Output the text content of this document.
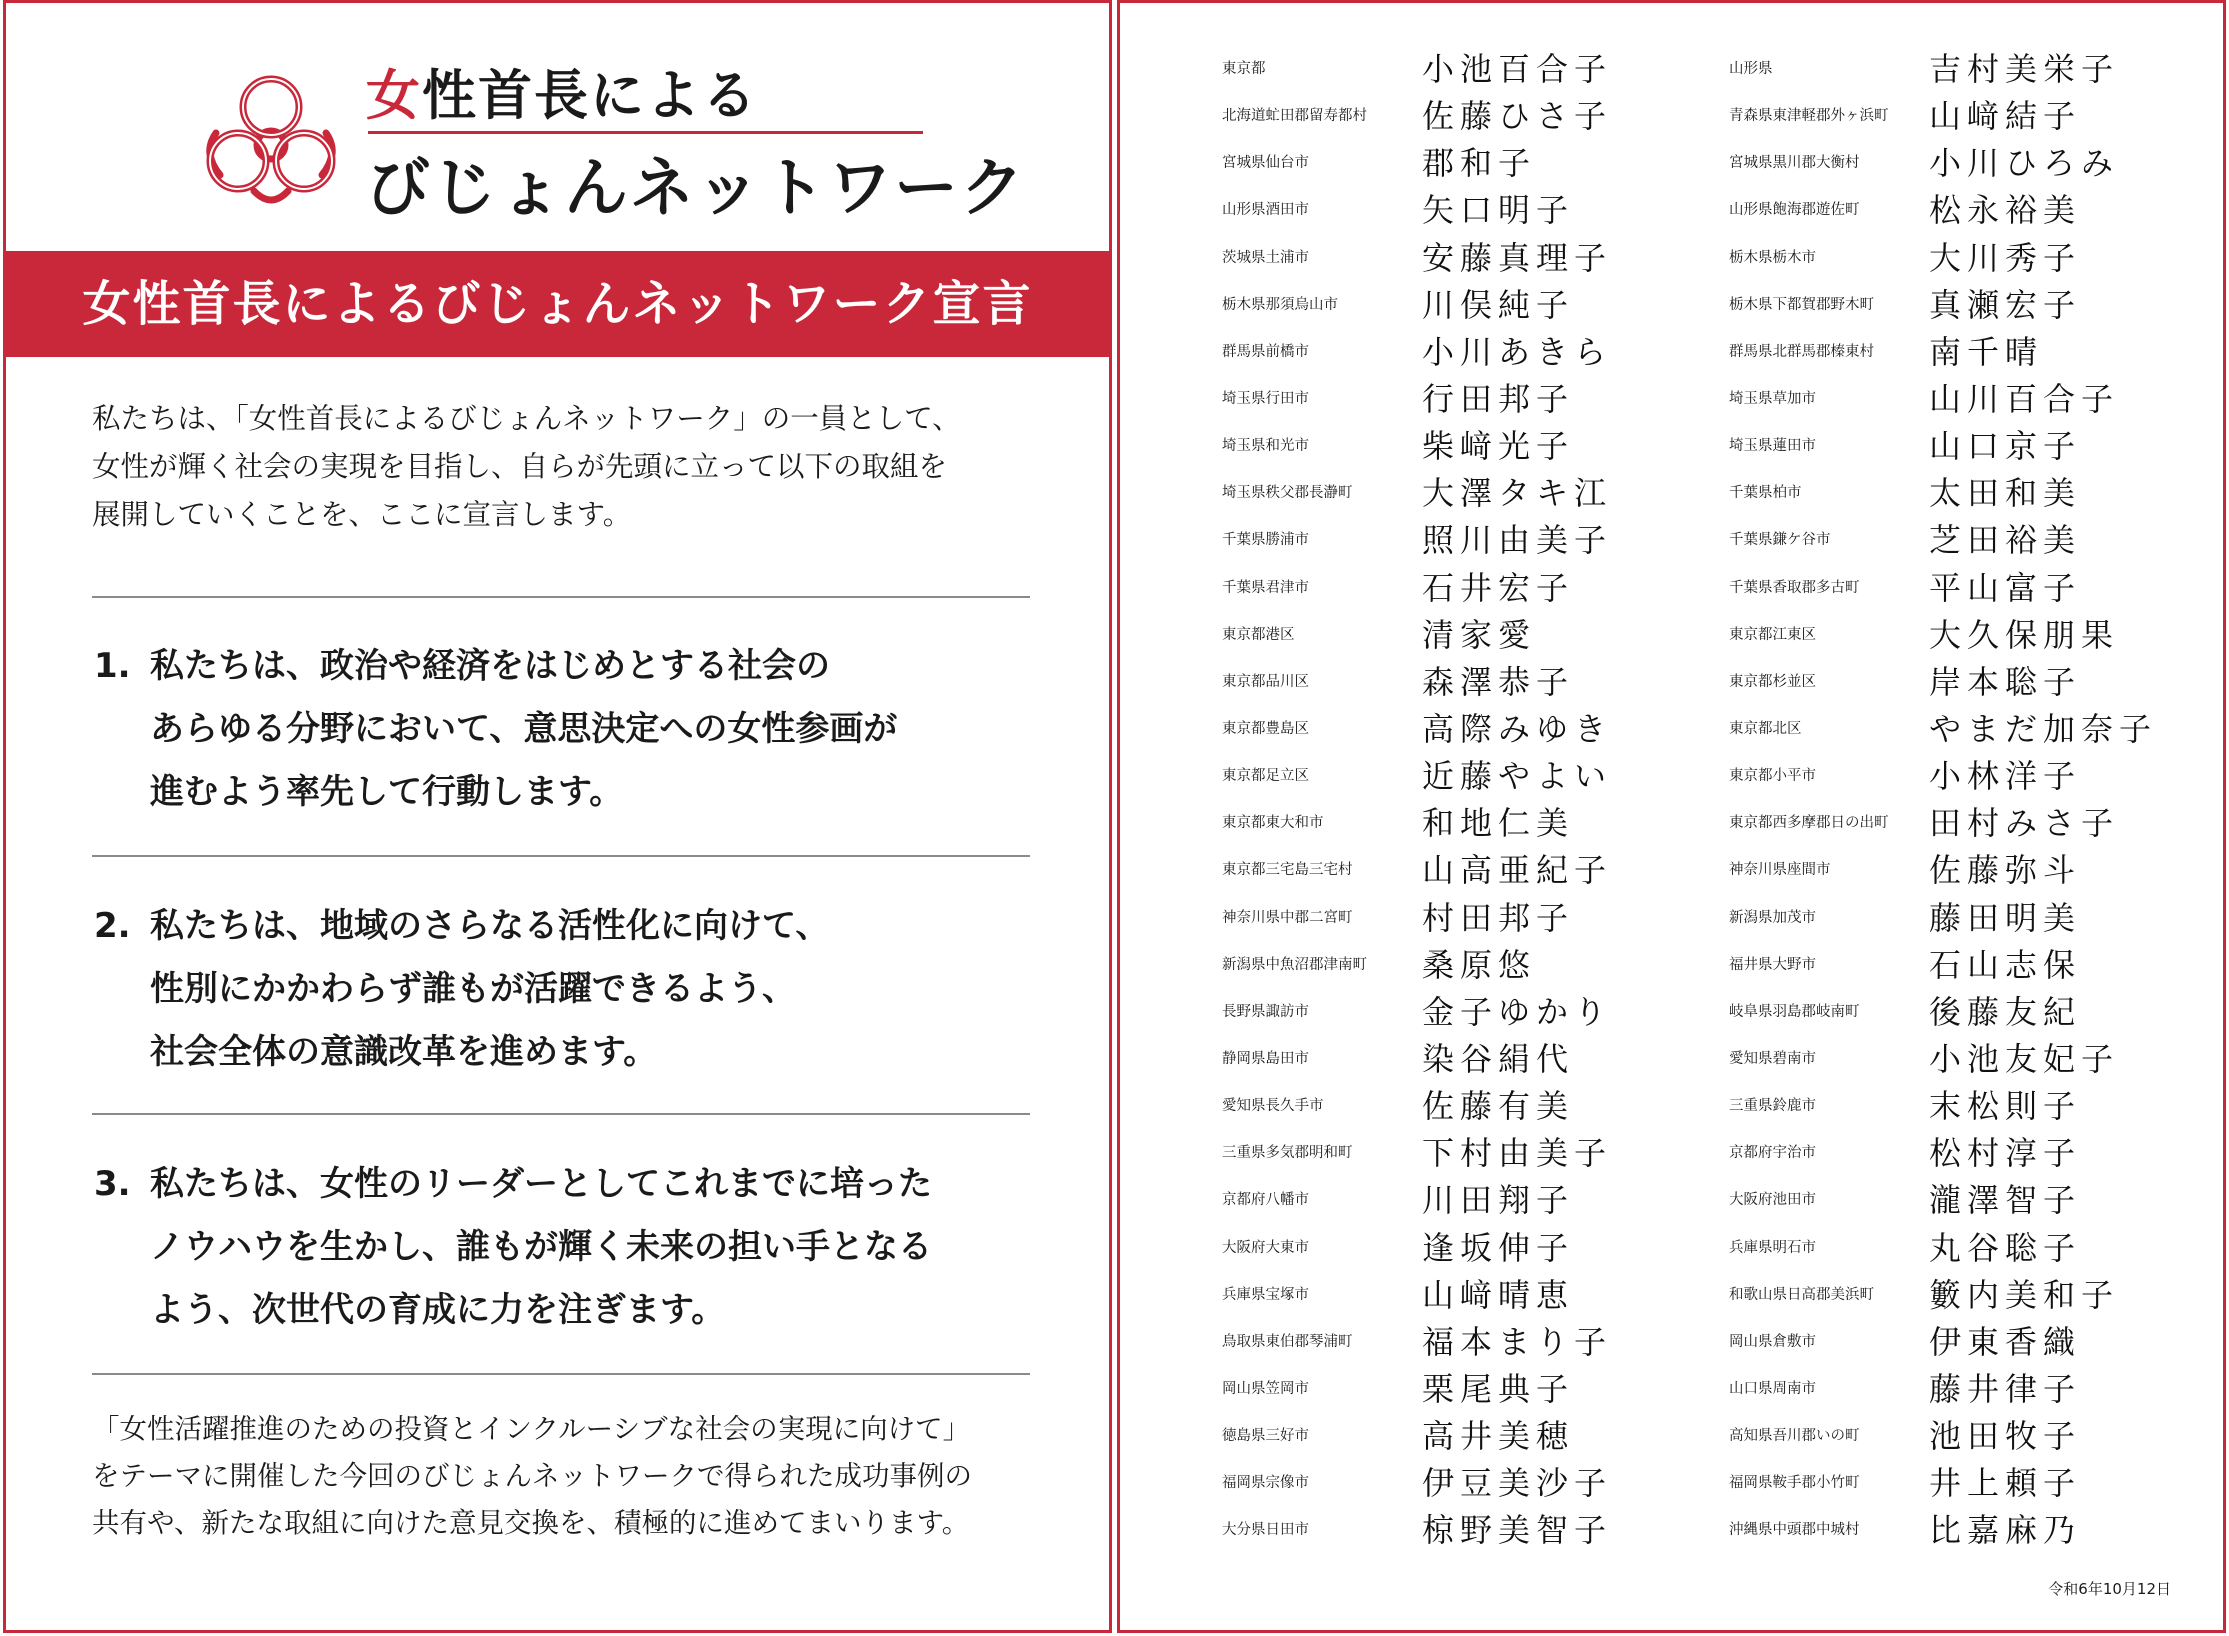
女性首長による
びじょんネットワーク
女性首長によるびじょんネットワーク宣言
私たちは、「女性首長によるびじょんネットワーク」の一員として、
女性が輝く社会の実現を目指し、自らが先頭に立って以下の取組を
展開していくことを、ここに宣言します。
1. 私たちは、政治や経済をはじめとする社会の
あらゆる分野において、意思決定への女性参画が
進むよう率先して行動します。
2. 私たちは、地域のさらなる活性化に向けて、
性別にかかわらず誰もが活躍できるよう、
社会全体の意識改革を進めます。
3. 私たちは、女性のリーダーとしてこれまでに培った
ノウハウを生かし、誰もが輝く未来の担い手となる
よう、次世代の育成に力を注ぎます。
「女性活躍推進のための投資とインクルーシブな社会の実現に向けて」
をテーマに開催した今回のびじょんネットワークで得られた成功事例の
共有や、新たな取組に向けた意見交換を、積極的に進めてまいります。
東京都	小池百合子
北海道虻田郡留寿都村 佐藤ひさ子
宮城県仙台市	郡和子
山形県酒田市	矢口明子
茨城県土浦市	安藤真理子
栃木県那須烏山市	川俣純子
群馬県前橋市	小川あきら
埼玉県行田市	行田邦子
埼玉県和光市	柴﨑光子
埼玉県秩父郡長瀞町 大澤タキ江
千葉県勝浦市	照川由美子
千葉県君津市	石井宏子
東京都港区	清家愛
東京都品川区	森澤恭子
東京都豊島区	高際みゆき
東京都足立区	近藤やよい
東京都東大和市	和地仁美
東京都三宅島三宅村 山高亜紀子
神奈川県中郡二宮町 村田邦子
新潟県中魚沼郡津南町 桑原悠
長野県諏訪市	金子ゆかり
静岡県島田市	染谷絹代
愛知県長久手市	佐藤有美
三重県多気郡明和町 下村由美子
京都府八幡市	川田翔子
大阪府大東市	逢坂伸子
兵庫県宝塚市	山﨑晴恵
鳥取県東伯郡琴浦町 福本まり子
岡山県笠岡市	栗尾典子
徳島県三好市	高井美穂
福岡県宗像市	伊豆美沙子
大分県日田市	椋野美智子
山形県	吉村美栄子
青森県東津軽郡外ヶ浜町 山﨑結子
宮城県黒川郡大衡村 小川ひろみ
山形県飽海郡遊佐町 松永裕美
栃木県栃木市	大川秀子
栃木県下都賀郡野木町 真瀬宏子
群馬県北群馬郡榛東村 南千晴
埼玉県草加市	山川百合子
埼玉県蓮田市	山口京子
千葉県柏市	太田和美
千葉県鎌ケ谷市	芝田裕美
千葉県香取郡多古町 平山富子
東京都江東区	大久保朋果
東京都杉並区	岸本聡子
東京都北区	やまだ加奈子
東京都小平市	小林洋子
東京都西多摩郡日の出町 田村みさ子
神奈川県座間市	佐藤弥斗
新潟県加茂市	藤田明美
福井県大野市	石山志保
岐阜県羽島郡岐南町 後藤友紀
愛知県碧南市	小池友妃子
三重県鈴鹿市	末松則子
京都府宇治市	松村淳子
大阪府池田市	瀧澤智子
兵庫県明石市	丸谷聡子
和歌山県日高郡美浜町 籔内美和子
岡山県倉敷市	伊東香織
山口県周南市	藤井律子
高知県吾川郡いの町 池田牧子
福岡県鞍手郡小竹町 井上頼子
沖縄県中頭郡中城村 比嘉麻乃
令和6年10月12日
